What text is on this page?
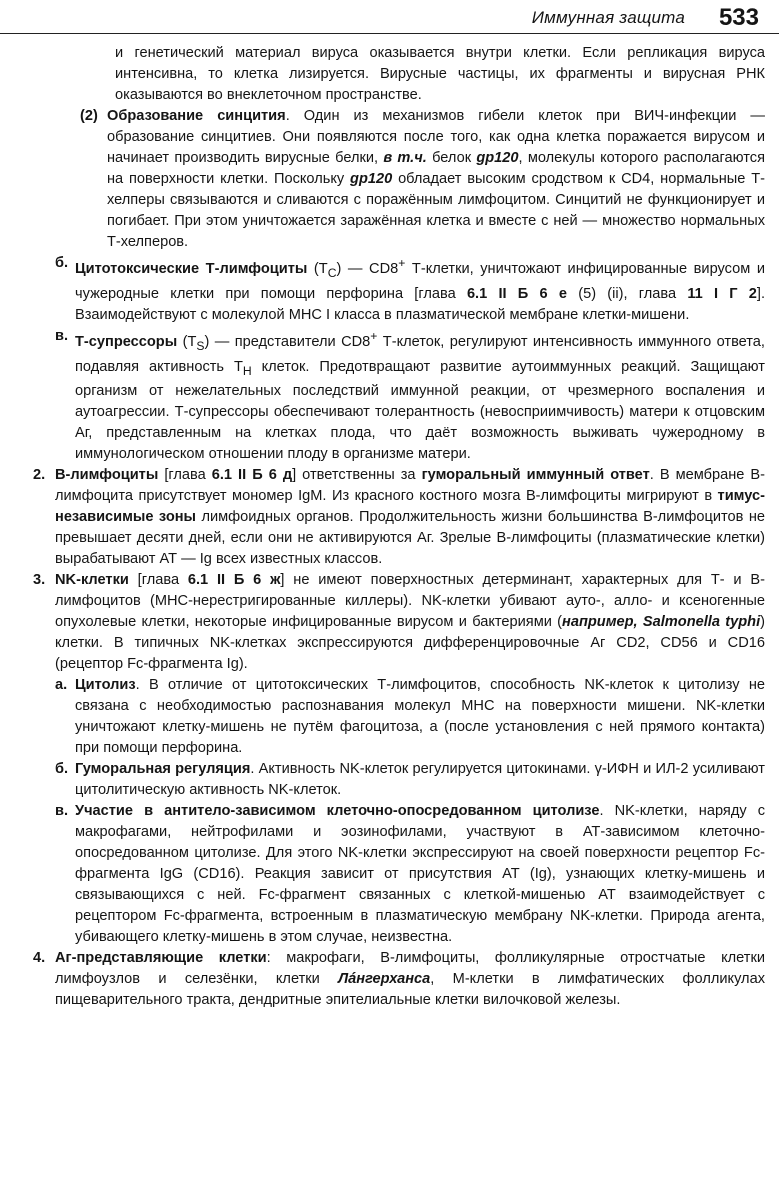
Иммунная защита 533

и генетический материал вируса оказывается внутри клетки. Если репликация вируса интенсивна, то клетка лизируется. Вирусные частицы, их фрагменты и вирусная РНК оказываются во внеклеточном пространстве.

(2) Образование синцития. Один из механизмов гибели клеток при ВИЧ-инфекции — образование синцитиев. Они появляются после того, как одна клетка поражается вирусом и начинает производить вирусные белки, в т.ч. белок gp120, молекулы которого располагаются на поверхности клетки. Поскольку gp120 обладает высоким сродством к CD4, нормальные Т-хелперы связываются и сливаются с поражённым лимфоцитом. Синцитий не функционирует и погибает. При этом уничтожается заражённая клетка и вместе с ней — множество нормальных Т-хелперов.
б. Цитотоксические Т-лимфоциты $(Т_C)$ — CD8+ Т-клетки, уничтожают инфицированные вирусом и чужеродные клетки при помощи перфорина [глава 6.1 II Б 6 е (5) (ii), глава 11 I Г 2]. Взаимодействуют с молекулой МНС I класса в плазматической мембране клетки-мишени.
в. Т-супрессоры $(Т_S)$ — представители CD8+ Т-клеток, регулируют интенсивность иммунного ответа, подавляя активность $Т_H$ клеток. Предотвращают развитие аутоиммунных реакций. Защищают организм от нежелательных последствий иммунной реакции, от чрезмерного воспаления и аутоагрессии. Т-супрессоры обеспечивают толерантность (невосприимчивость) матери к отцовским Аг, представленным на клетках плода, что даёт возможность выживать чужеродному в иммунологическом отношении плоду в организме матери.
2. В-лимфоциты [глава 6.1 II Б 6 д] ответственны за гуморальный иммунный ответ. В мембране В-лимфоцита присутствует мономер IgM. Из красного костного мозга В-лимфоциты мигрируют в тимус-независимые зоны лимфоидных органов. Продолжительность жизни большинства В-лимфоцитов не превышает десяти дней, если они не активируются Аг. Зрелые В-лимфоциты (плазматические клетки) вырабатывают АТ — Ig всех известных классов.
3. NK-клетки [глава 6.1 II Б 6 ж] не имеют поверхностных детерминант, характерных для Т- и В-лимфоцитов (МНС-нерестригированные киллеры). NK-клетки убивают ауто-, алло- и ксеногенные опухолевые клетки, некоторые инфицированные вирусом и бактериями (например, Salmonella typhi) клетки. В типичных NK-клетках экспрессируются дифференцировочные Аг CD2, CD56 и CD16 (рецептор Fc-фрагмента Ig).
а. Цитолиз. В отличие от цитотоксических Т-лимфоцитов, способность NK-клеток к цитолизу не связана с необходимостью распознавания молекул МНС на поверхности мишени. NK-клетки уничтожают клетку-мишень не путём фагоцитоза, а (после установления с ней прямого контакта) при помощи перфорина.
б. Гуморальная регуляция. Активность NK-клеток регулируется цитокинами. γ-ИФН и ИЛ-2 усиливают цитолитическую активность NK-клеток.
в. Участие в антитело-зависимом клеточно-опосредованном цитолизе. NK-клетки, наряду с макрофагами, нейтрофилами и эозинофилами, участвуют в АТ-зависимом клеточно-опосредованном цитолизе. Для этого NK-клетки экспрессируют на своей поверхности рецептор Fc-фрагмента IgG (CD16). Реакция зависит от присутствия АТ (Ig), узнающих клетку-мишень и связывающихся с ней. Fc-фрагмент связанных с клеткой-мишенью АТ взаимодействует с рецептором Fc-фрагмента, встроенным в плазматическую мембрану NK-клетки. Природа агента, убивающего клетку-мишень в этом случае, неизвестна.
4. Аг-представляющие клетки: макрофаги, В-лимфоциты, фолликулярные отростчатые клетки лимфоузлов и селезёнки, клетки Лáнгерханса, М-клетки в лимфатических фолликулах пищеварительного тракта, дендритные эпителиальные клетки вилочковой железы.
